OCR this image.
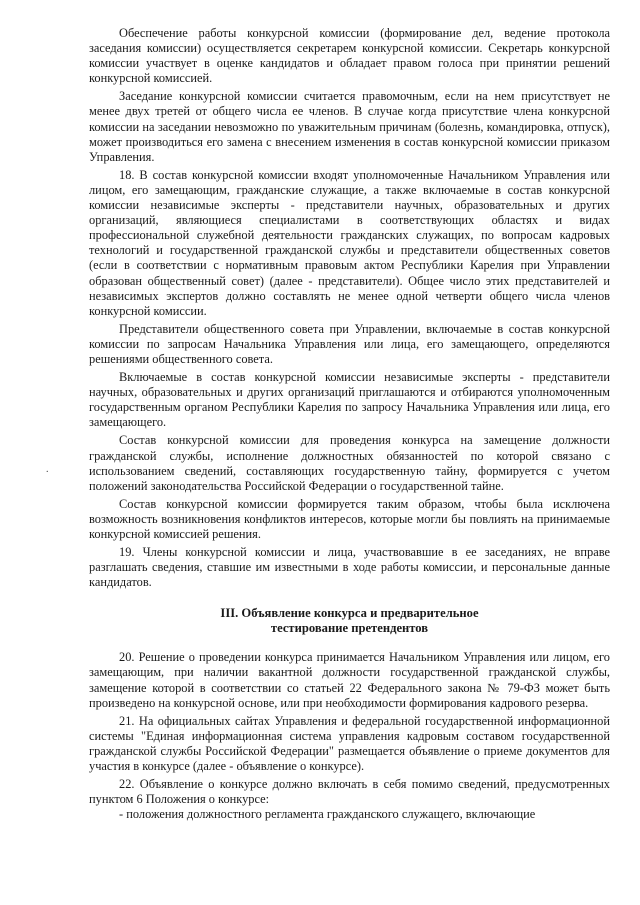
.

Обеспечение работы конкурсной комиссии (формирование дел, ведение протокола заседания комиссии) осуществляется секретарем конкурсной комиссии. Секретарь конкурсной комиссии участвует в оценке кандидатов и обладает правом голоса при принятии решений конкурсной комиссией.

Заседание конкурсной комиссии считается правомочным, если на нем присутствует не менее двух третей от общего числа ее членов. В случае когда присутствие члена конкурсной комиссии на заседании невозможно по уважительным причинам (болезнь, командировка, отпуск), может производиться его замена с внесением изменения в состав конкурсной комиссии приказом Управления.

18. В состав конкурсной комиссии входят уполномоченные Начальником Управления или лицом, его замещающим, гражданские служащие, а также включаемые в состав конкурсной комиссии независимые эксперты - представители научных, образовательных и других организаций, являющиеся специалистами в соответствующих областях и видах профессиональной служебной деятельности гражданских служащих, по вопросам кадровых технологий и государственной гражданской службы и представители общественных советов (если в соответствии с нормативным правовым актом Республики Карелия при Управлении образован общественный совет) (далее - представители). Общее число этих представителей и независимых экспертов должно составлять не менее одной четверти общего числа членов конкурсной комиссии.

Представители общественного совета при Управлении, включаемые в состав конкурсной комиссии по запросам Начальника Управления или лица, его замещающего, определяются решениями общественного совета.

Включаемые в состав конкурсной комиссии независимые эксперты - представители научных, образовательных и других организаций приглашаются и отбираются уполномоченным государственным органом Республики Карелия по запросу Начальника Управления или лица, его замещающего.

Состав конкурсной комиссии для проведения конкурса на замещение должности гражданской службы, исполнение должностных обязанностей по которой связано с использованием сведений, составляющих государственную тайну, формируется с учетом положений законодательства Российской Федерации о государственной тайне.

Состав конкурсной комиссии формируется таким образом, чтобы была исключена возможность возникновения конфликтов интересов, которые могли бы повлиять на принимаемые конкурсной комиссией решения.

19. Члены конкурсной комиссии и лица, участвовавшие в ее заседаниях, не вправе разглашать сведения, ставшие им известными в ходе работы комиссии, и персональные данные кандидатов.

III. Объявление конкурса и предварительное
тестирование претендентов

20. Решение о проведении конкурса принимается Начальником Управления или лицом, его замещающим, при наличии вакантной должности государственной гражданской службы, замещение которой в соответствии со статьей 22 Федерального закона № 79-ФЗ может быть произведено на конкурсной основе, или при необходимости формирования кадрового резерва.

21. На официальных сайтах Управления и федеральной государственной информационной системы "Единая информационная система управления кадровым составом государственной гражданской службы Российской Федерации" размещается объявление о приеме документов для участия в конкурсе (далее - объявление о конкурсе).

22. Объявление о конкурсе должно включать в себя помимо сведений, предусмотренных пунктом 6 Положения о конкурсе:

- положения должностного регламента гражданского служащего, включающие
